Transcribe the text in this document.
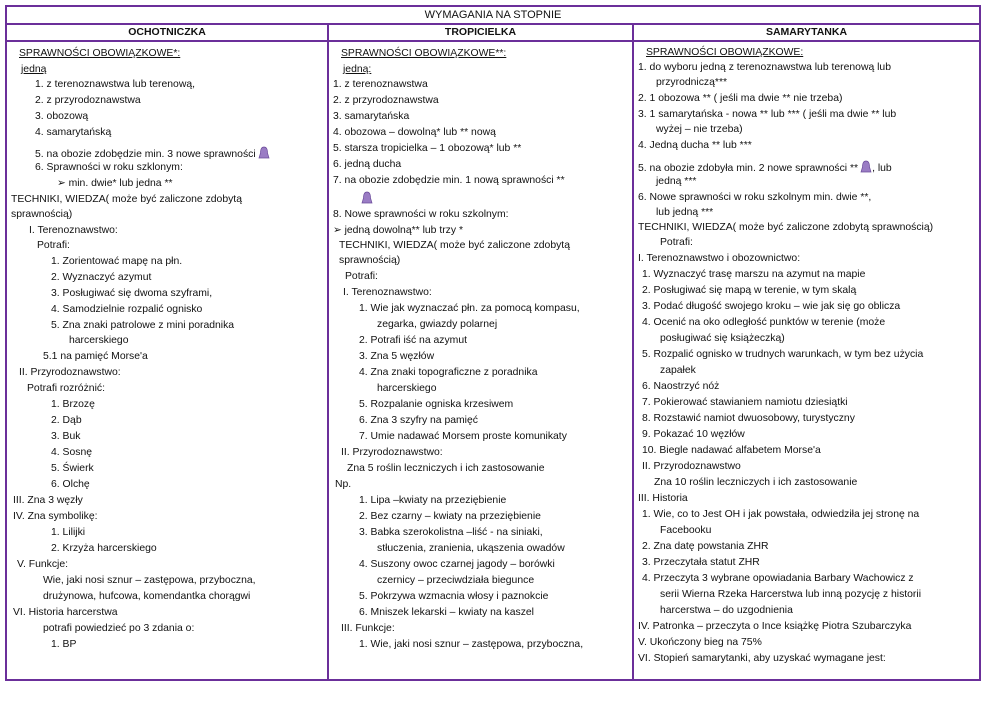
WYMAGANIA NA STOPNIE
OCHOTNICZKA	TROPICIELKA	SAMARYTANKA
SPRAWNOŚCI OBOWIĄZKOWE*:
jedną
1. z terenoznawstwa lub terenową,
2. z przyrodoznawstwa
3. obozową
4. samarytańską
5. na obozie zdobędzie min. 3 nowe sprawności
6. Sprawności w roku szklonym:
➢ min. dwie* lub jedna **
TECHNIKI, WIEDZA( może być zaliczone zdobytą
sprawnością)
I. Terenoznawstwo:
Potrafi:
1. Zorientować mapę na płn.
2. Wyznaczyć azymut
3. Posługiwać się dwoma szyframi,
4. Samodzielnie rozpalić ognisko
5. Zna znaki patrolowe z mini poradnika
harcerskiego
5.1 na pamięć Morse'a
II. Przyrodoznawstwo:
Potrafi rozróżnić:
1. Brzozę
2. Dąb
3. Buk
4. Sosnę
5. Świerk
6. Olchę
III. Zna 3 węzły
IV. Zna symbolikę:
1. Lilijki
2. Krzyża harcerskiego
V. Funkcje:
Wie, jaki nosi sznur – zastępowa, przyboczna,
drużynowa, hufcowa, komendantka chorągwi
VI. Historia harcerstwa
potrafi powiedzieć po 3 zdania o:
1. BP
SPRAWNOŚCI OBOWIĄZKOWE**:
jedną:
1. z terenoznawstwa
2. z przyrodoznawstwa
3. samarytańska
4. obozowa – dowolną* lub ** nową
5. starsza tropicielka – 1 obozową* lub **
6. jedną ducha
7. na obozie zdobędzie min. 1 nową sprawności **
8. Nowe sprawności w roku szkolnym:
➢ jedną dowolną** lub trzy *
TECHNIKI, WIEDZA( może być zaliczone zdobytą
sprawnością)
Potrafi:
I. Terenoznawstwo:
1. Wie jak wyznaczać płn. za pomocą kompasu,
zegarka, gwiazdy polarnej
2. Potrafi iść na azymut
3. Zna 5 węzłów
4. Zna znaki topograficzne z poradnika
harcerskiego
5. Rozpalanie ogniska krzesiwem
6. Zna 3 szyfry na pamięć
7. Umie nadawać Morsem proste komunikaty
II. Przyrodoznawstwo:
Zna 5 roślin leczniczych i ich zastosowanie
Np.
1. Lipa –kwiaty na przeziębienie
2. Bez czarny – kwiaty na przeziębienie
3. Babka szerokolistna –liść - na siniaki,
stłuczenia, zranienia, ukąszenia owadów
4. Suszony owoc czarnej jagody – borówki
czernicy – przeciwdziała biegunce
5. Pokrzywa wzmacnia włosy i paznokcie
6. Mniszek lekarski – kwiaty na kaszel
III. Funkcje:
1. Wie, jaki nosi sznur – zastępowa, przyboczna,
SPRAWNOŚCI OBOWIĄZKOWE:
1. do wyboru jedną z terenoznawstwa lub terenową lub
przyrodniczą***
2. 1 obozowa ** ( jeśli ma dwie ** nie trzeba)
3. 1 samarytańska - nowa ** lub *** ( jeśli ma dwie ** lub
wyżej – nie trzeba)
4. Jedną ducha ** lub ***
5. na obozie zdobyła min. 2 nowe sprawności ** , lub
jedną ***
6. Nowe sprawności w roku szkolnym min. dwie **,
lub jedną ***
TECHNIKI, WIEDZA( może być zaliczone zdobytą sprawnością)
Potrafi:
I. Terenoznawstwo i obozownictwo:
1. Wyznaczyć trasę marszu na azymut na mapie
2. Posługiwać się mapą w terenie, w tym skalą
3. Podać długość swojego kroku – wie jak się go oblicza
4. Ocenić na oko odległość punktów w terenie (może
posługiwać się książeczką)
5. Rozpalić ognisko w trudnych warunkach, w tym bez użycia
zapałek
6. Naostrzyć nóż
7. Pokierować stawianiem namiotu dziesiątki
8. Rozstawić namiot dwuosobowy, turystyczny
9. Pokazać 10 węzłów
10. Biegle nadawać alfabetem Morse'a
II. Przyrodoznawstwo
Zna 10 roślin leczniczych i ich zastosowanie
III. Historia
1. Wie, co to Jest OH i jak powstała, odwiedziła jej stronę na
Facebooku
2. Zna datę powstania ZHR
3. Przeczytała statut ZHR
4. Przeczyta 3 wybrane opowiadania Barbary Wachowicz z
serii Wierna Rzeka Harcerstwa lub inną pozycję z historii
harcerstwa – do uzgodnienia
IV. Patronka – przeczyta o Ince książkę Piotra Szubarczyka
V. Ukończony bieg na 75%
VI. Stopień samarytanki, aby uzyskać wymagane jest:
